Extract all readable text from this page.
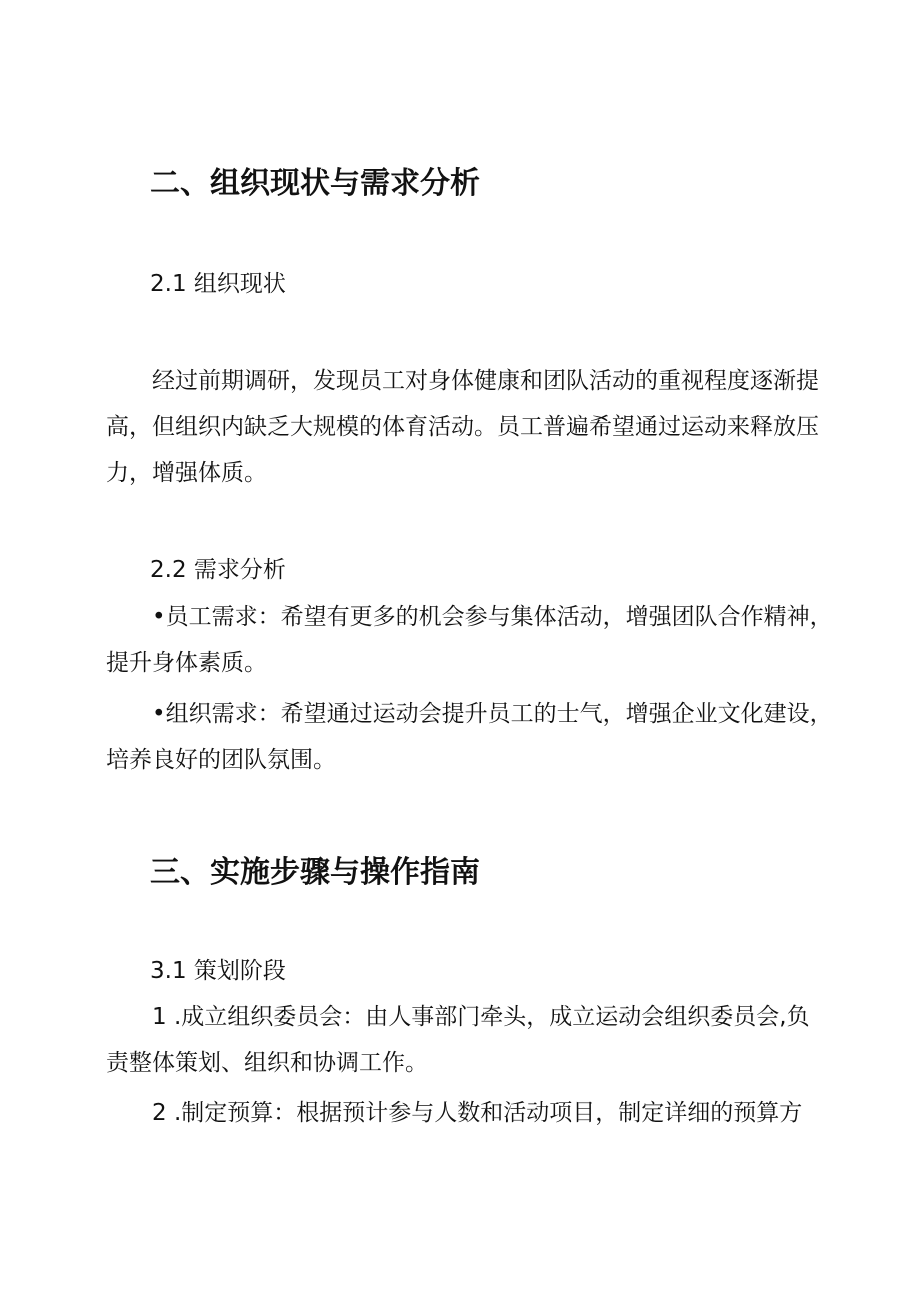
二、组织现状与需求分析
2.1 组织现状
经过前期调研，发现员工对身体健康和团队活动的重视程度逐渐提
高，但组织内缺乏大规模的体育活动。员工普遍希望通过运动来释放压
力，增强体质。
2.2 需求分析
•员工需求：希望有更多的机会参与集体活动，增强团队合作精神，
提升身体素质。
•组织需求：希望通过运动会提升员工的士气，增强企业文化建设，
培养良好的团队氛围。
三、实施步骤与操作指南
3.1 策划阶段
1 .成立组织委员会：由人事部门牵头，成立运动会组织委员会,负
责整体策划、组织和协调工作。
2 .制定预算：根据预计参与人数和活动项目，制定详细的预算方
